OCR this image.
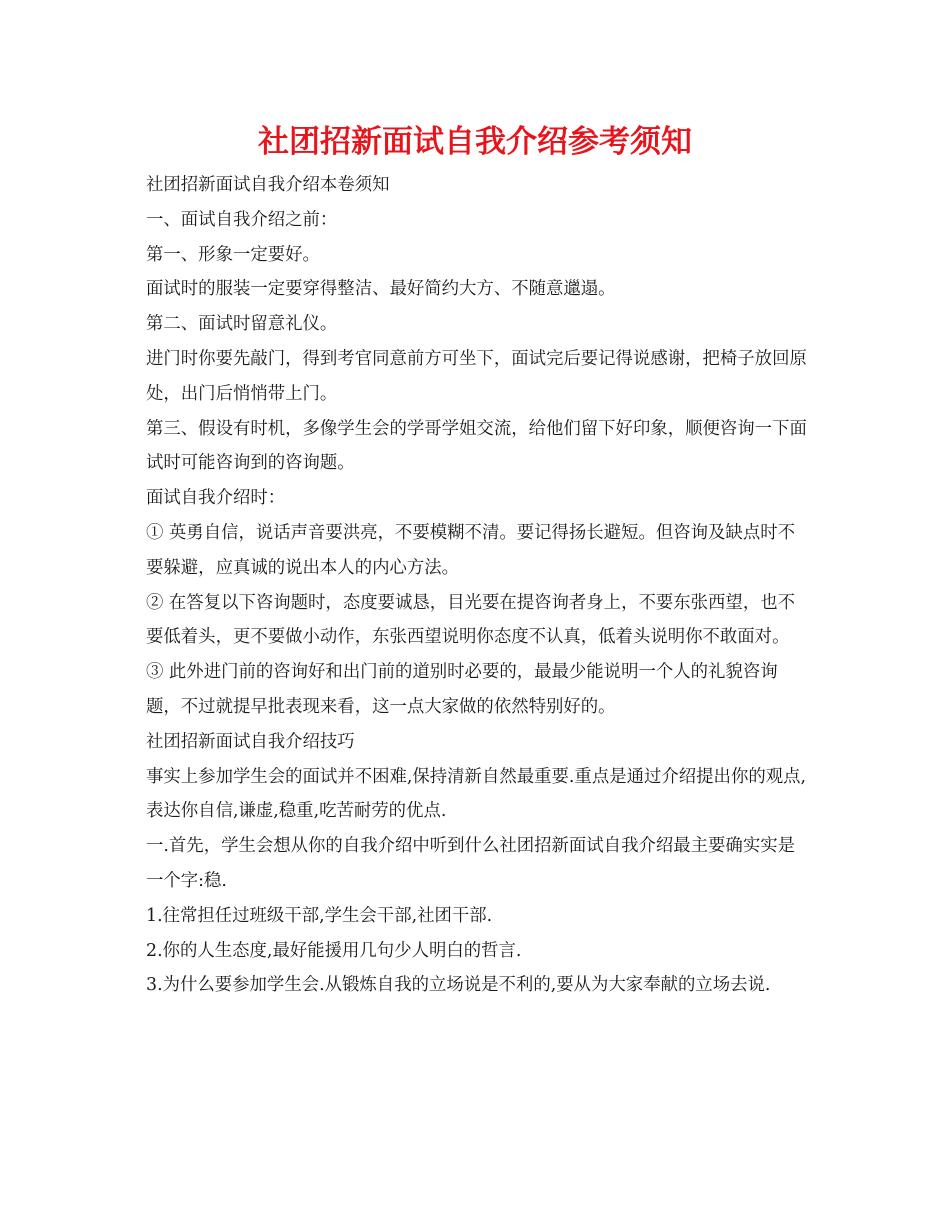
社团招新面试自我介绍参考须知

社团招新面试自我介绍本卷须知

一、面试自我介绍之前：

第一、形象一定要好。

面试时的服装一定要穿得整洁、最好简约大方、不随意邋遢。

第二、面试时留意礼仪。

进门时你要先敲门，得到考官同意前方可坐下，面试完后要记得说感谢，把椅子放回原处，出门后悄悄带上门。

第三、假设有时机，多像学生会的学哥学姐交流，给他们留下好印象，顺便咨询一下面试时可能咨询到的咨询题。

面试自我介绍时：

① 英勇自信，说话声音要洪亮，不要模糊不清。要记得扬长避短。但咨询及缺点时不要躲避，应真诚的说出本人的内心方法。

② 在答复以下咨询题时，态度要诚恳，目光要在提咨询者身上，不要东张西望，也不要低着头，更不要做小动作，东张西望说明你态度不认真，低着头说明你不敢面对。

③ 此外进门前的咨询好和出门前的道别时必要的，最最少能说明一个人的礼貌咨询题，不过就提早批表现来看，这一点大家做的依然特别好的。

社团招新面试自我介绍技巧

事实上参加学生会的面试并不困难,保持清新自然最重要.重点是通过介绍提出你的观点,表达你自信,谦虚,稳重,吃苦耐劳的优点.

一.首先，学生会想从你的自我介绍中听到什么社团招新面试自我介绍最主要确实实是一个字:稳.

1.往常担任过班级干部,学生会干部,社团干部.

2.你的人生态度,最好能援用几句少人明白的哲言.

3.为什么要参加学生会.从锻炼自我的立场说是不利的,要从为大家奉献的立场去说.
